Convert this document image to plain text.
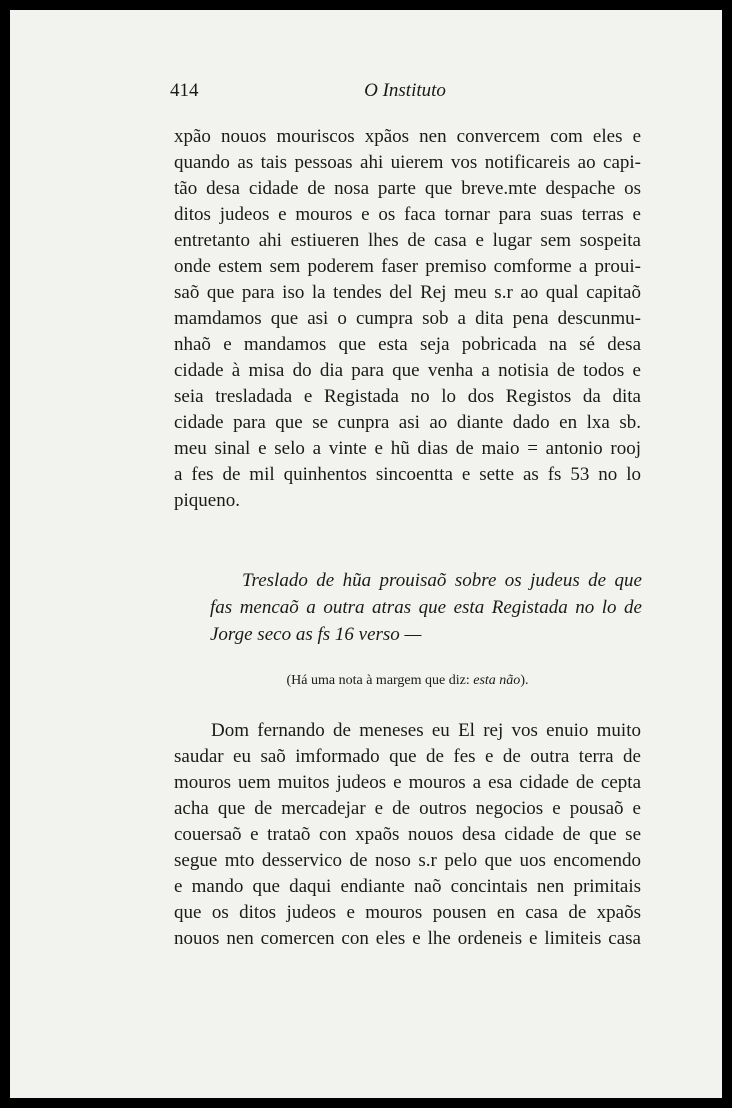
414	O Instituto
xpão nouos mouriscos xpãos nen convercem com eles e
quando as tais pessoas ahi uierem vos notificareis ao capi-
tão desa cidade de nosa parte que breve.mte despache os
ditos judeos e mouros e os faca tornar para suas terras e
entretanto ahi estiueren lhes de casa e lugar sem sospeita
onde estem sem poderem faser premiso comforme a proui-
saõ que para iso la tendes del Rej meu s.r ao qual capitaõ
mamdamos que asi o cumpra sob a dita pena descunmu-
nhaõ e mandamos que esta seja pobricada na sé desa
cidade à misa do dia para que venha a notisia de todos e
seia tresladada e Registada no lo dos Registos da dita
cidade para que se cunpra asi ao diante dado en lxa sb.
meu sinal e selo a vinte e hũ dias de maio = antonio rooj
a fes de mil quinhentos sincoentta e sette as fs 53 no lo
piqueno.
Treslado de hũa prouisaõ sobre os judeus de que
fas mencaõ a outra atras que esta Registada no lo de
Jorge seco as fs 16 verso —
(Há uma nota à margem que diz: esta não).
Dom fernando de meneses eu El rej vos enuio muito
saudar eu saõ imformado que de fes e de outra terra de
mouros uem muitos judeos e mouros a esa cidade de cepta
acha que de mercadejar e de outros negocios e pousaõ e
couersaõ e trataõ con xpaõs nouos desa cidade de que se
segue mto desservico de noso s.r pelo que uos encomendo
e mando que daqui endiante naõ concintais nen primitais
que os ditos judeos e mouros pousen en casa de xpaõs
nouos nen comercen con eles e lhe ordeneis e limiteis casa
